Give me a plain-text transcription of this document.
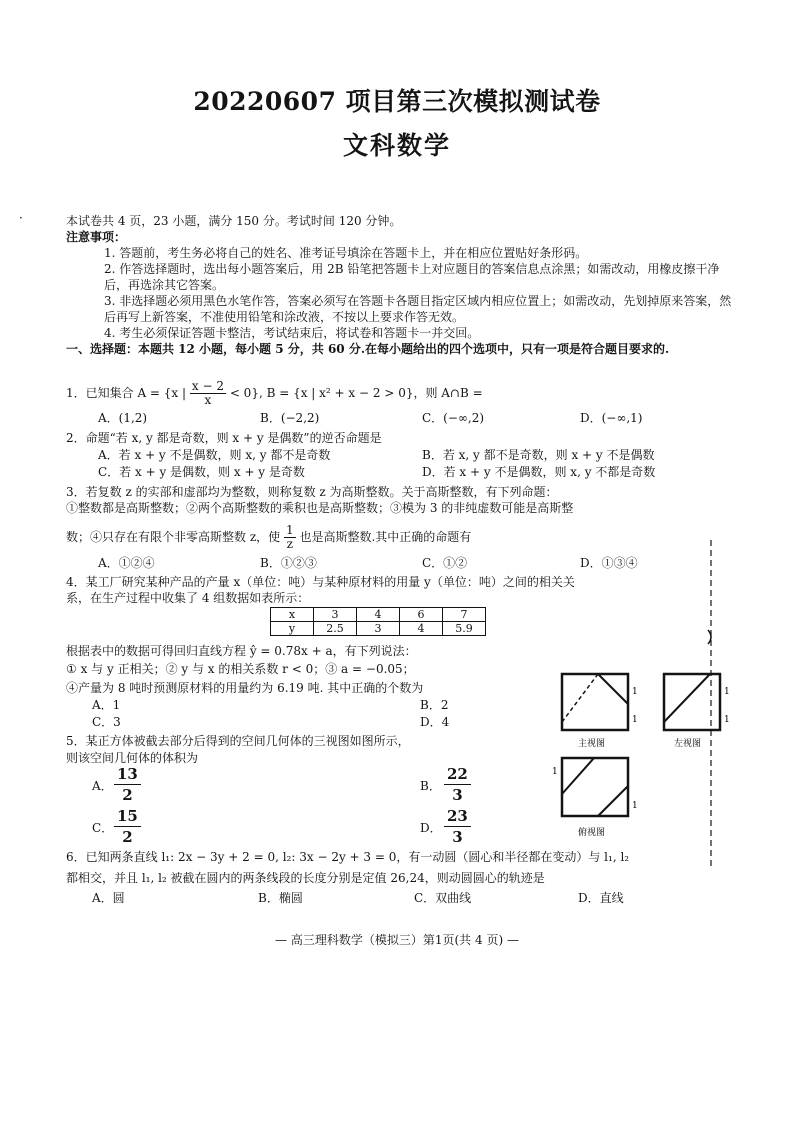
20220607 项目第三次模拟测试卷
文科数学
·	本试卷共 4 页，23 小题，满分 150 分。考试时间 120 分钟。
注意事项：
1. 答题前，考生务必将自己的姓名、准考证号填涂在答题卡上，并在相应位置贴好条形码。
2. 作答选择题时，选出每小题答案后，用 2B 铅笔把答题卡上对应题目的答案信息点涂黑；如需改动，用橡皮擦干净后，再选涂其它答案。
3. 非选择题必须用黑色水笔作答，答案必须写在答题卡各题目指定区域内相应位置上；如需改动，先划掉原来答案，然后再写上新答案，不准使用铅笔和涂改液，不按以上要求作答无效。
4. 考生必须保证答题卡整洁，考试结束后，将试卷和答题卡一并交回。
一、选择题：本题共 12 小题，每小题 5 分，共 60 分.在每小题给出的四个选项中，只有一项是符合题目要求的.
1．已知集合 A = {x | $\frac{x - 2}{x} < 0$}, B = {x | x² + x − 2 > 0}，则 A∩B =
A．(1,2)	B．(−2,2)	C．(−∞,2)	D．(−∞,1)
2．命题“若 x, y 都是奇数，则 x + y 是偶数”的逆否命题是
A．若 x + y 不是偶数，则 x, y 都不是奇数	B．若 x, y 都不是奇数，则 x + y 不是偶数
C．若 x + y 是偶数，则 x + y 是奇数	D．若 x + y 不是偶数，则 x, y 不都是奇数
3．若复数 z 的实部和虚部均为整数，则称复数 z 为高斯整数。关于高斯整数，有下列命题：
①整数都是高斯整数；②两个高斯整数的乘积也是高斯整数；③模为 3 的非纯虚数可能是高斯整
数；④只存在有限个非零高斯整数 z，使 $\frac{1}{z}$ 也是高斯整数.其中正确的命题有
A．①②④	B．①②③	C．①②	D．①③④
4．某工厂研究某种产品的产量 x（单位：吨）与某种原材料的用量 y（单位：吨）之间的相关关
系，在生产过程中收集了 4 组数据如表所示：
x	3	4	6	7
y	2.5	3	4	5.9
根据表中的数据可得回归直线方程 ŷ = 0.78x + a，有下列说法：
① x 与 y 正相关；② y 与 x 的相关系数 r < 0；③ a = −0.05；
④产量为 8 吨时预测原材料的用量约为 6.19 吨. 其中正确的个数为
A．1	B．2
C．3	D．4
5．某正方体被截去部分后得到的空间几何体的三视图如图所示，
则该空间几何体的体积为
A． $\frac{13}{2}$	B． $\frac{22}{3}$
C． $\frac{15}{2}$	D． $\frac{23}{3}$
1
1
主视图
1
1
左视图
1
1
俯视图
6．已知两条直线 l₁: 2x − 3y + 2 = 0, l₂: 3x − 2y + 3 = 0，有一动圆（圆心和半径都在变动）与 l₁, l₂
都相交，并且 l₁, l₂ 被截在圆内的两条线段的长度分别是定值 26,24，则动圆圆心的轨迹是
A．圆	B．椭圆	C．双曲线	D．直线
— 高三理科数学（模拟三）第1页(共 4 页) —
